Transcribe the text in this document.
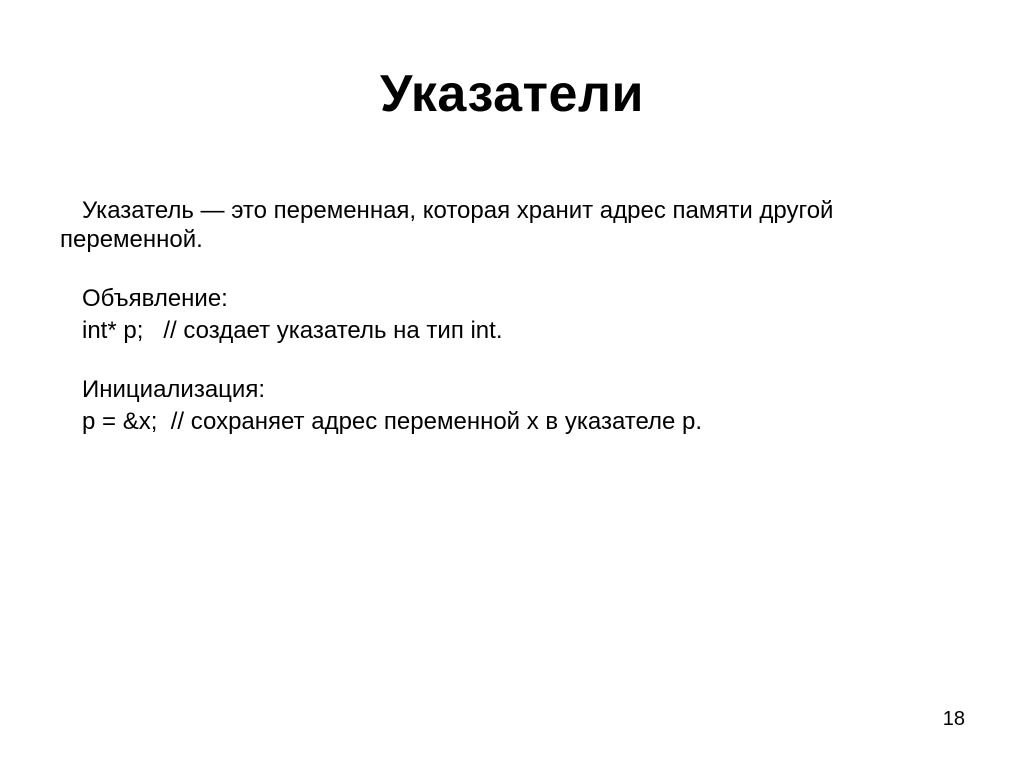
Указатели

Указатель — это переменная, которая хранит адрес памяти другой переменной.

Объявление:
int* p;   // создает указатель на тип int.
Инициализация:
p = &x;  // сохраняет адрес переменной x в указателе p.
18
